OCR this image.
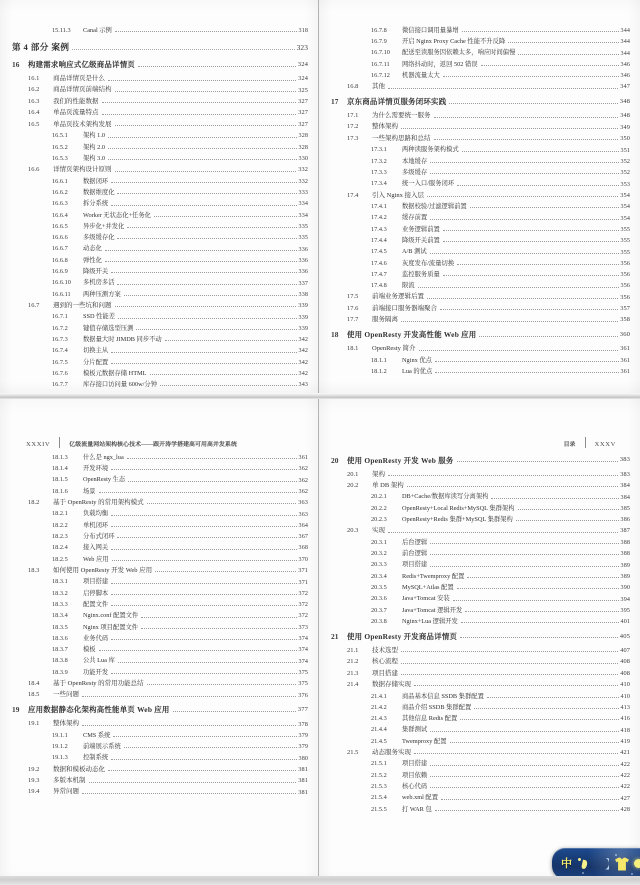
15.11.3	Canal 示例	318
第 4 部分 案例	323
16	构建需求响应式亿级商品详情页	324
16.1	商品详情页是什么	324
16.2	商品详情页前端结构	325
16.3	我们的性能数据	327
16.4	单品页流量特点	327
16.5	单品页技术架构发展	327
16.5.1	架构 1.0	328
16.5.2	架构 2.0	328
16.5.3	架构 3.0	330
16.6	详情页架构设计原则	332
16.6.1	数据闭环	332
16.6.2	数据维度化	333
16.6.3	拆分系统	334
16.6.4	Worker 无状态化+任务化	334
16.6.5	异步化+并发化	335
16.6.6	多级缓存化	335
16.6.7	动态化	336
16.6.8	弹性化	336
16.6.9	降级开关	336
16.6.10	多机房多活	337
16.6.11	两种压测方案	338
16.7	遇到的一些坑和问题	339
16.7.1	SSD 性能差	339
16.7.2	键值存储选型压测	339
16.7.3	数据量大时 JIMDB 同步不动	342
16.7.4	切换主从	342
16.7.5	分片配置	342
16.7.6	模板元数据存储 HTML	342
16.7.7	库存接口访问量 600w/分钟	343
16.7.8	微信接口调用量暴增	344
16.7.9	开启 Nginx Proxy Cache 性能不升反降	344
16.7.10	配送至读服务因依赖太多，响应时间偏慢	344
16.7.11	网络抖动时，返回 502 错误	346
16.7.12	机器流量太大	346
16.8	其他	347
17	京东商品详情页服务闭环实践	348
17.1	为什么需要统一服务	348
17.2	整体架构	349
17.3	一些架构思路和总结	350
17.3.1	两种读服务架构模式	351
17.3.2	本地缓存	352
17.3.3	多级缓存	352
17.3.4	统一入口/服务闭环	353
17.4	引入 Nginx 接入层	354
17.4.1	数据校验/过滤逻辑前置	354
17.4.2	缓存前置	354
17.4.3	业务逻辑前置	355
17.4.4	降级开关前置	355
17.4.5	A/B 测试	355
17.4.6	灰度发布/流量切换	356
17.4.7	监控服务质量	356
17.4.8	限流	356
17.5	前端业务逻辑后置	356
17.6	前端接口服务器端聚合	357
17.7	服务隔离	358
18	使用 OpenResty 开发高性能 Web 应用	360
18.1	OpenResty 简介	361
18.1.1	Nginx 优点	361
18.1.2	Lua 的优点	361
XXXIV	亿级流量网站架构核心技术——跟开涛学搭建高可用高并发系统
18.1.3	什么是 ngx_lua	361
18.1.4	开发环境	362
18.1.5	OpenResty 生态	362
18.1.6	场景	362
18.2	基于 OpenResty 的常用架构模式	363
18.2.1	负载均衡	363
18.2.2	单机闭环	364
18.2.3	分布式闭环	367
18.2.4	接入网关	368
18.2.5	Web 应用	370
18.3	如何使用 OpenResty 开发 Web 应用	371
18.3.1	项目搭建	371
18.3.2	启停脚本	372
18.3.3	配置文件	372
18.3.4	Nginx.conf 配置文件	372
18.3.5	Nginx 项目配置文件	373
18.3.6	业务代码	374
18.3.7	模板	374
18.3.8	公共 Lua 库	374
18.3.9	功能开发	375
18.4	基于 OpenResty 的常用功能总结	375
18.5	一些问题	376
19	应用数据静态化架构高性能单页 Web 应用	377
19.1	整体架构	378
19.1.1	CMS 系统	379
19.1.2	前端展示系统	379
19.1.3	控制系统	380
19.2	数据和模板动态化	381
19.3	多版本机制	381
19.4	异常问题	381
目录	XXXV
20	使用 OpenResty 开发 Web 服务	383
20.1	架构	383
20.2	单 DB 架构	384
20.2.1	DB+Cache/数据库读写分离架构	384
20.2.2	OpenResty+Local Redis+MySQL 集群架构	385
20.2.3	OpenResty+Redis 集群+MySQL 集群架构	386
20.3	实现	387
20.3.1	后台逻辑	388
20.3.2	前台逻辑	388
20.3.3	项目搭建	389
20.3.4	Redis+Twemproxy 配置	389
20.3.5	MySQL+Atlas 配置	390
20.3.6	Java+Tomcat 安装	394
20.3.7	Java+Tomcat 逻辑开发	395
20.3.8	Nginx+Lua 逻辑开发	401
21	使用 OpenResty 开发商品详情页	405
21.1	技术选型	407
21.2	核心流程	408
21.3	项目搭建	408
21.4	数据存储实现	410
21.4.1	商品基本信息 SSDB 集群配置	410
21.4.2	商品介绍 SSDB 集群配置	413
21.4.3	其他信息 Redis 配置	416
21.4.4	集群测试	418
21.4.5	Twemproxy 配置	419
21.5	动态服务实现	421
21.5.1	项目搭建	422
21.5.2	项目依赖	422
21.5.3	核心代码	422
21.5.4	web.xml 配置	427
21.5.5	打 WAR 包	428
中
